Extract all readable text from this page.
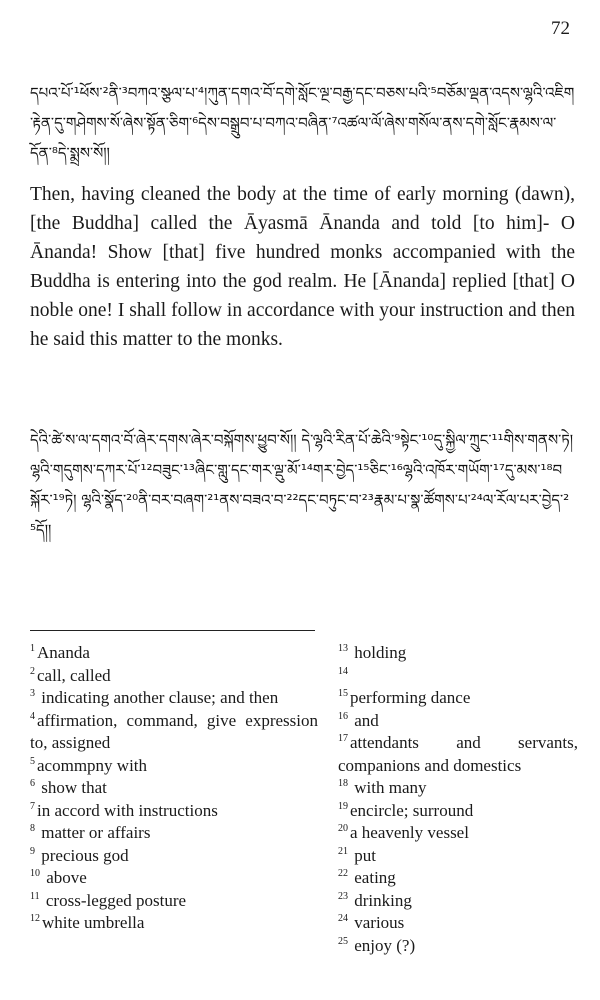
72
དཔའ་པོ་¹ཕོས་²ནི་³བཀའ་སྩལ་པ་⁴།ཀུན་དགའ་བོ་དགེ་སློང་ལྔ་བརྒྱ་དང་བཅས་པའི་⁵བཅོམ་ལྡན་འདས་ལྷའི་འཇིག་རྟེན་དུ་གཤེགས་སོ་ཞེས་སྟོན་ཅིག་⁶དེས་བསྒྲུབ་པ་བཀའ་བཞིན་⁷འཚལ་ལོ་ཞེས་གསོལ་ནས་དགེ་སློང་རྣམས་ལ་དོན་⁸དེ་སྨྲས་སོ།།
Then, having cleaned the body at the time of early morning (dawn), [the Buddha] called the Āyasmā Ānanda and told [to him]- O Ānanda! Show [that] five hundred monks accompanied with the Buddha is entering into the god realm. He [Ānanda] replied [that] O noble one! I shall follow in accordance with your instruction and then he said this matter to the monks.
དེའི་ཚེ་ས་ལ་དགའ་བོ་ཞེར་དགས་ཞེར་བསྐོགས་ཕྱུབ་སོ།། དེ་ལྷའི་རིན་པོ་ཆེའི་⁹སྟེང་¹⁰དུ་སྐྱིལ་ཀྲུང་¹¹གིས་གནས་ཏེ།ལྷའི་གདུགས་དཀར་པོ་¹²བཟུང་¹³ཞིང་གླུ་དང་གར་ལྡུ་མོ་¹⁴གར་བྱེད་¹⁵ཅིང་¹⁶ལྷའི་འཁོར་གཡོག་¹⁷དུ་མས་¹⁸བསྐོར་¹⁹ཏེ། ལྷའི་སྣོད་²⁰ནི་བར་བཞག་²¹ནས་བཟའ་བ་²²དང་བཏུང་བ་²³རྣམ་པ་སྣ་ཚོགས་པ་²⁴ལ་རོལ་པར་བྱེད་²⁵དོ།།

$^1$ Ananda

$^2$ call, called

$^3$ indicating another clause; and then

$^4$ affirmation, command, give expression to, assigned

$^5$ acommpny with

$^6$ show that

$^7$ in accord with instructions

$^8$ matter or affairs

$^9$ precious god

$^{10}$ above

$^{11}$ cross-legged posture

$^{12}$ white umbrella

$^{13}$ holding

$^{14}$

$^{15}$ performing dance

$^{16}$ and

$^{17}$ attendants and servants, companions and domestics

$^{18}$ with many

$^{19}$ encircle; surround

$^{20}$ a heavenly vessel

$^{21}$ put

$^{22}$ eating

$^{23}$ drinking

$^{24}$ various

$^{25}$ enjoy (?)
